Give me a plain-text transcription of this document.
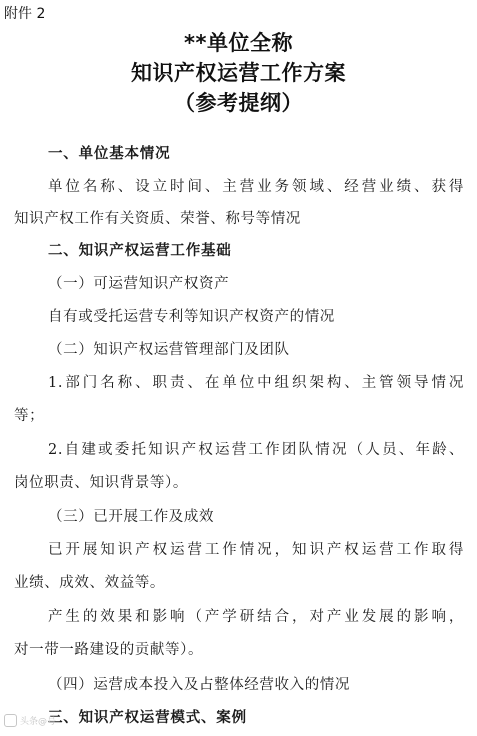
附件 2
**单位全称
知识产权运营工作方案
（参考提纲）
一、单位基本情况
单位名称、设立时间、主营业务领域、经营业绩、获得
知识产权工作有关资质、荣誉、称号等情况
二、知识产权运营工作基础
（一）可运营知识产权资产
自有或受托运营专利等知识产权资产的情况
（二）知识产权运营管理部门及团队
1.部门名称、职责、在单位中组织架构、主管领导情况
等；
2.自建或委托知识产权运营工作团队情况（人员、年龄、
岗位职责、知识背景等）。
（三）已开展工作及成效
已开展知识产权运营工作情况，知识产权运营工作取得
业绩、成效、效益等。
产生的效果和影响（产学研结合，对产业发展的影响，
对一带一路建设的贡献等）。
（四）运营成本投入及占整体经营收入的情况
三、知识产权运营模式、案例
头条@号
